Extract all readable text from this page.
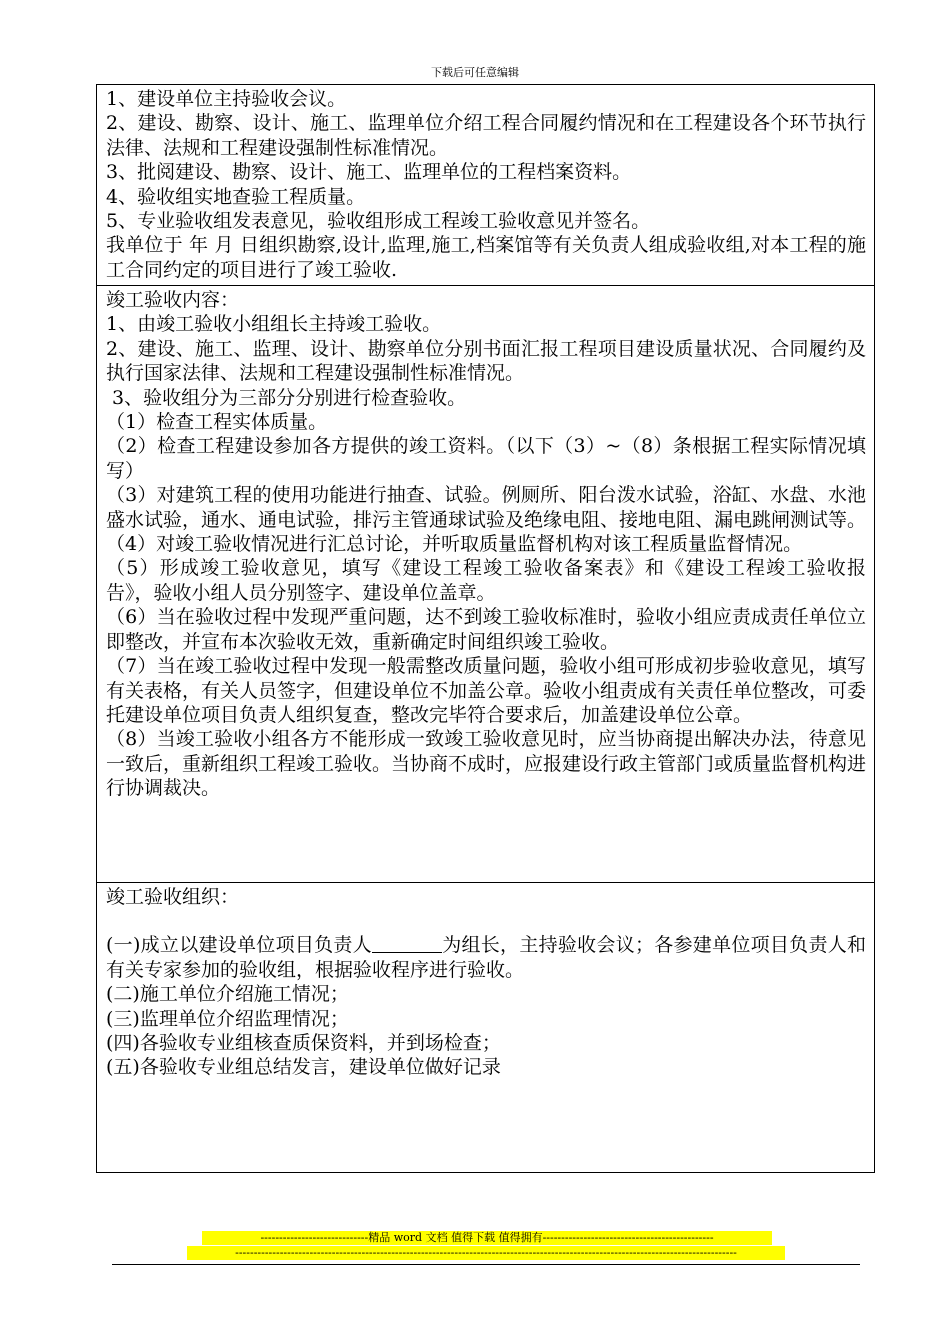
下载后可任意编辑

1、建设单位主持验收会议。

2、建设、勘察、设计、施工、监理单位介绍工程合同履约情况和在工程建设各个环节执行法律、法规和工程建设强制性标准情况。

3、批阅建设、勘察、设计、施工、监理单位的工程档案资料。

4、验收组实地查验工程质量。

5、专业验收组发表意见，验收组形成工程竣工验收意见并签名。

我单位于 年 月 日组织勘察,设计,监理,施工,档案馆等有关负责人组成验收组,对本工程的施工合同约定的项目进行了竣工验收.

竣工验收内容：

1、由竣工验收小组组长主持竣工验收。

2、建设、施工、监理、设计、勘察单位分别书面汇报工程项目建设质量状况、合同履约及执行国家法律、法规和工程建设强制性标准情况。

3、验收组分为三部分分别进行检查验收。

（1）检查工程实体质量。

（2）检查工程建设参加各方提供的竣工资料。（以下（3）~（8）条根据工程实际情况填写）

（3）对建筑工程的使用功能进行抽查、试验。例厕所、阳台泼水试验，浴缸、水盘、水池盛水试验，通水、通电试验，排污主管通球试验及绝缘电阻、接地电阻、漏电跳闸测试等。

（4）对竣工验收情况进行汇总讨论，并听取质量监督机构对该工程质量监督情况。

（5）形成竣工验收意见，填写《建设工程竣工验收备案表》和《建设工程竣工验收报告》，验收小组人员分别签字、建设单位盖章。

（6）当在验收过程中发现严重问题，达不到竣工验收标准时，验收小组应责成责任单位立即整改，并宣布本次验收无效，重新确定时间组织竣工验收。

（7）当在竣工验收过程中发现一般需整改质量问题，验收小组可形成初步验收意见，填写有关表格，有关人员签字，但建设单位不加盖公章。验收小组责成有关责任单位整改，可委托建设单位项目负责人组织复查，整改完毕符合要求后，加盖建设单位公章。

（8）当竣工验收小组各方不能形成一致竣工验收意见时，应当协商提出解决办法，待意见一致后，重新组织工程竣工验收。当协商不成时，应报建设行政主管部门或质量监督机构进行协调裁决。

竣工验收组织：

(一)成立以建设单位项目负责人	为组长，主持验收会议；各参建单位项目负责人和有关专家参加的验收组，根据验收程序进行验收。

(二)施工单位介绍施工情况；

(三)监理单位介绍监理情况；

(四)各验收专业组核查质保资料，并到场检查；

(五)各验收专业组总结发言，建设单位做好记录

-----------------------------精品 word 文档 值得下载 值得拥有----------------------------------------------
---------------------------------------------------------------------------------------------------------------------------------------
